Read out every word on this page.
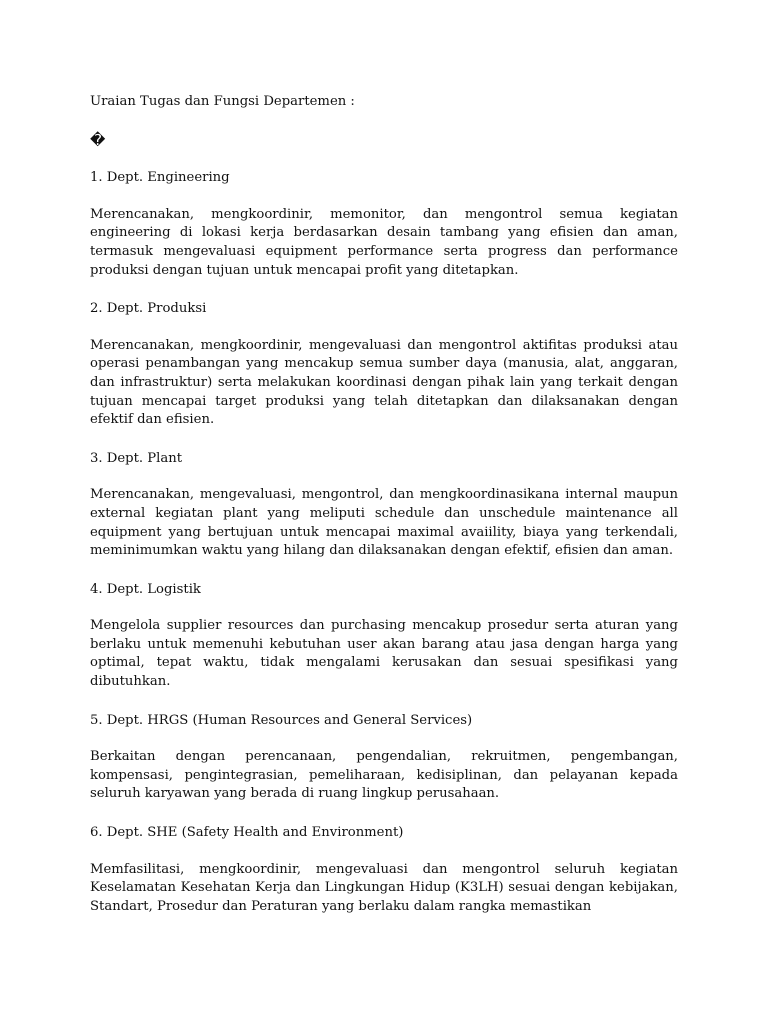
Uraian Tugas dan Fungsi Departemen :

�

1. Dept. Engineering

Merencanakan, mengkoordinir, memonitor, dan mengontrol semua kegiatan engineering di lokasi kerja berdasarkan desain tambang yang efisien dan aman, termasuk mengevaluasi equipment performance serta progress dan performance produksi dengan tujuan untuk mencapai profit yang ditetapkan.

2. Dept. Produksi

Merencanakan, mengkoordinir, mengevaluasi dan mengontrol aktifitas produksi atau operasi penambangan yang mencakup semua sumber daya (manusia, alat, anggaran, dan infrastruktur) serta melakukan koordinasi dengan pihak lain yang terkait dengan tujuan mencapai target produksi yang telah ditetapkan dan dilaksanakan dengan efektif dan efisien.

3. Dept. Plant

Merencanakan, mengevaluasi, mengontrol, dan mengkoordinasikana internal maupun external kegiatan plant yang meliputi schedule dan unschedule maintenance all equipment yang bertujuan untuk mencapai maximal avaiility, biaya yang terkendali, meminimumkan waktu yang hilang dan dilaksanakan dengan efektif, efisien dan aman.

4. Dept. Logistik

Mengelola supplier resources dan purchasing mencakup prosedur serta aturan yang berlaku untuk memenuhi kebutuhan user akan barang atau jasa dengan harga yang optimal, tepat waktu, tidak mengalami kerusakan dan sesuai spesifikasi yang dibutuhkan.

5. Dept. HRGS (Human Resources and General Services)

Berkaitan dengan perencanaan, pengendalian, rekruitmen, pengembangan, kompensasi, pengintegrasian, pemeliharaan, kedisiplinan, dan pelayanan kepada seluruh karyawan yang berada di ruang lingkup perusahaan.

6. Dept. SHE (Safety Health and Environment)

Memfasilitasi, mengkoordinir, mengevaluasi dan mengontrol seluruh kegiatan Keselamatan Kesehatan Kerja dan Lingkungan Hidup (K3LH) sesuai dengan kebijakan, Standart, Prosedur dan Peraturan yang berlaku dalam rangka memastikan
